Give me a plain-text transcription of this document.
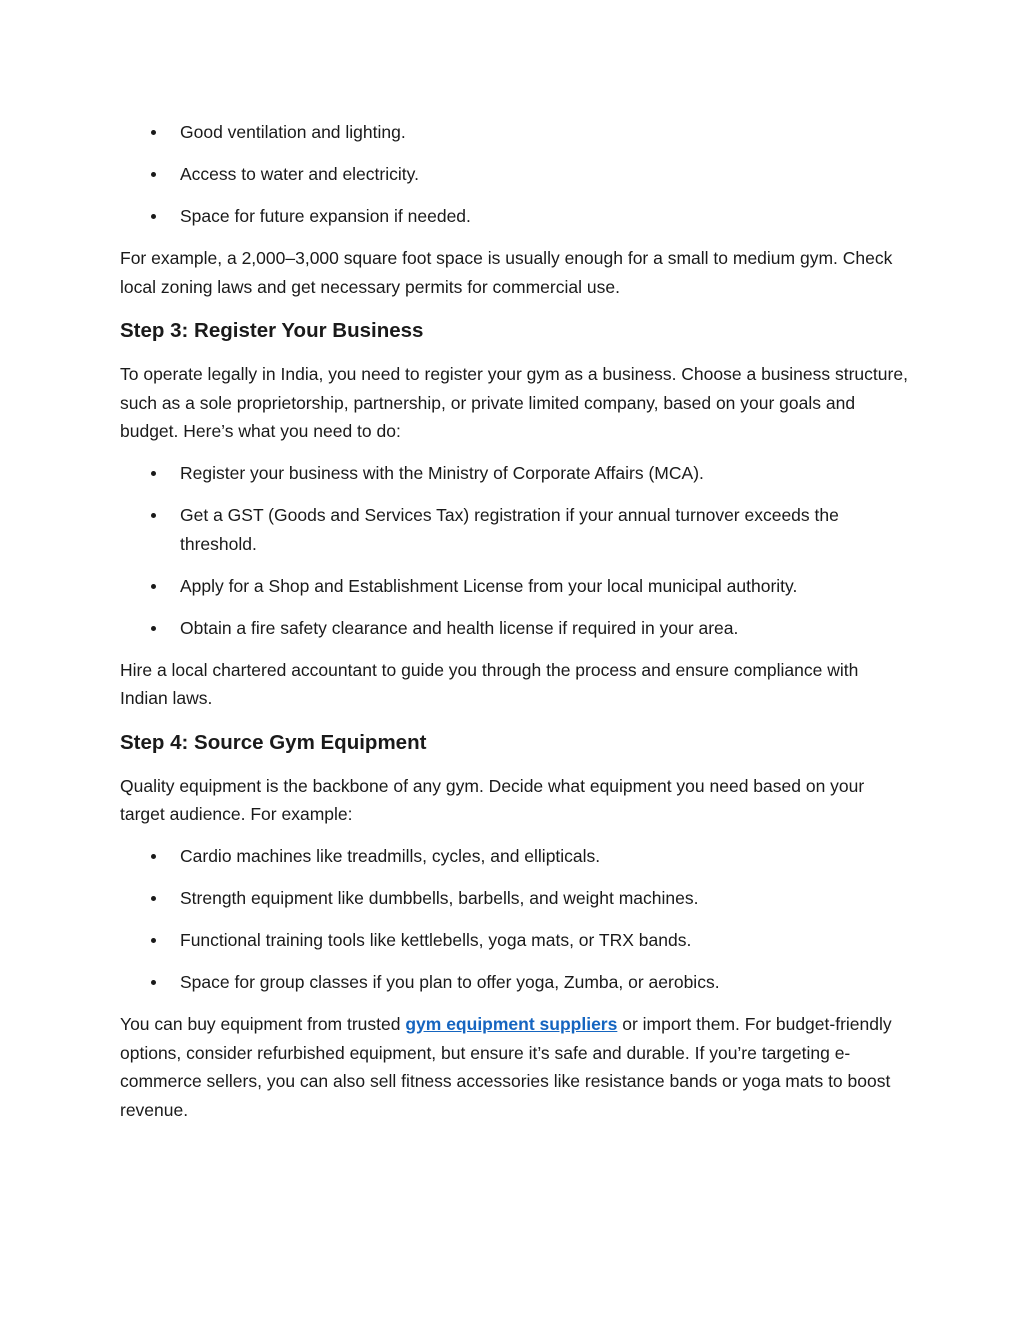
Good ventilation and lighting.
Access to water and electricity.
Space for future expansion if needed.

For example, a 2,000–3,000 square foot space is usually enough for a small to medium gym. Check local zoning laws and get necessary permits for commercial use.

Step 3: Register Your Business

To operate legally in India, you need to register your gym as a business. Choose a business structure, such as a sole proprietorship, partnership, or private limited company, based on your goals and budget. Here’s what you need to do:

Register your business with the Ministry of Corporate Affairs (MCA).
Get a GST (Goods and Services Tax) registration if your annual turnover exceeds the threshold.
Apply for a Shop and Establishment License from your local municipal authority.
Obtain a fire safety clearance and health license if required in your area.

Hire a local chartered accountant to guide you through the process and ensure compliance with Indian laws.

Step 4: Source Gym Equipment

Quality equipment is the backbone of any gym. Decide what equipment you need based on your target audience. For example:

Cardio machines like treadmills, cycles, and ellipticals.
Strength equipment like dumbbells, barbells, and weight machines.
Functional training tools like kettlebells, yoga mats, or TRX bands.
Space for group classes if you plan to offer yoga, Zumba, or aerobics.

You can buy equipment from trusted gym equipment suppliers or import them. For budget-friendly options, consider refurbished equipment, but ensure it’s safe and durable. If you’re targeting e-commerce sellers, you can also sell fitness accessories like resistance bands or yoga mats to boost revenue.
